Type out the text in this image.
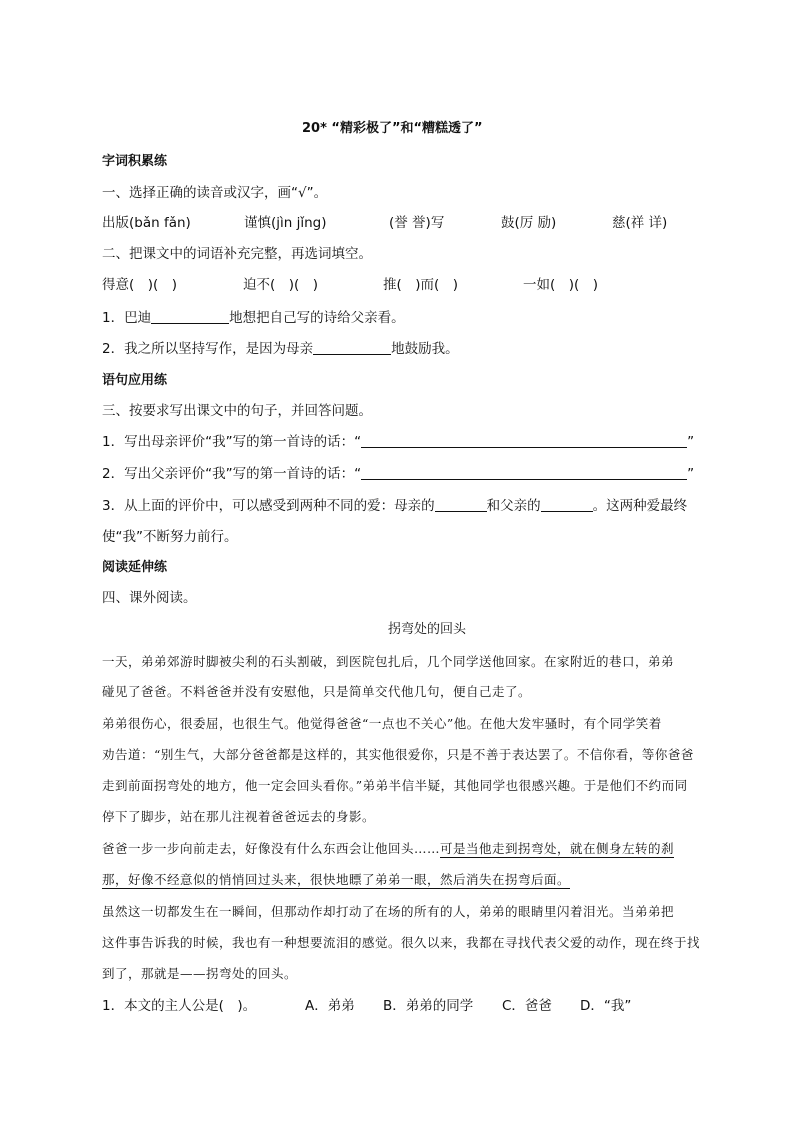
20* “精彩极了”和“糟糕透了”
字词积累练
一、选择正确的读音或汉字，画“√”。
出版(bǎn fǎn)	谨慎(jìn jǐng)	(誉 誉)写	鼓(厉 励)	慈(祥 详)
二、把课文中的词语补充完整，再选词填空。
得意(　)(　)	迫不(　)(　)	推(　)而(　)	一如(　)(　)
1．巴迪	地想把自己写的诗给父亲看。
2．我之所以坚持写作，是因为母亲	地鼓励我。
语句应用练
三、按要求写出课文中的句子，并回答问题。
1．写出母亲评价“我”写的第一首诗的话：“	”
2．写出父亲评价“我”写的第一首诗的话：“	”
3．从上面的评价中，可以感受到两种不同的爱：母亲的	和父亲的	。这两种爱最终
使“我”不断努力前行。
阅读延伸练
四、课外阅读。
拐弯处的回头
一天，弟弟郊游时脚被尖利的石头割破，到医院包扎后，几个同学送他回家。在家附近的巷口，弟弟
碰见了爸爸。不料爸爸并没有安慰他，只是简单交代他几句，便自己走了。
弟弟很伤心，很委屈，也很生气。他觉得爸爸“一点也不关心”他。在他大发牢骚时，有个同学笑着
劝告道：“别生气，大部分爸爸都是这样的，其实他很爱你，只是不善于表达罢了。不信你看，等你爸爸
走到前面拐弯处的地方，他一定会回头看你。”弟弟半信半疑，其他同学也很感兴趣。于是他们不约而同
停下了脚步，站在那儿注视着爸爸远去的身影。
爸爸一步一步向前走去，好像没有什么东西会让他回头……可是当他走到拐弯处，就在侧身左转的刹
那，好像不经意似的悄悄回过头来，很快地瞟了弟弟一眼，然后消失在拐弯后面。
虽然这一切都发生在一瞬间，但那动作却打动了在场的所有的人，弟弟的眼睛里闪着泪光。当弟弟把
这件事告诉我的时候，我也有一种想要流泪的感觉。很久以来，我都在寻找代表父爱的动作，现在终于找
到了，那就是——拐弯处的回头。
1．本文的主人公是(　)。	A．弟弟 B．弟弟的同学 C．爸爸 D．“我”
